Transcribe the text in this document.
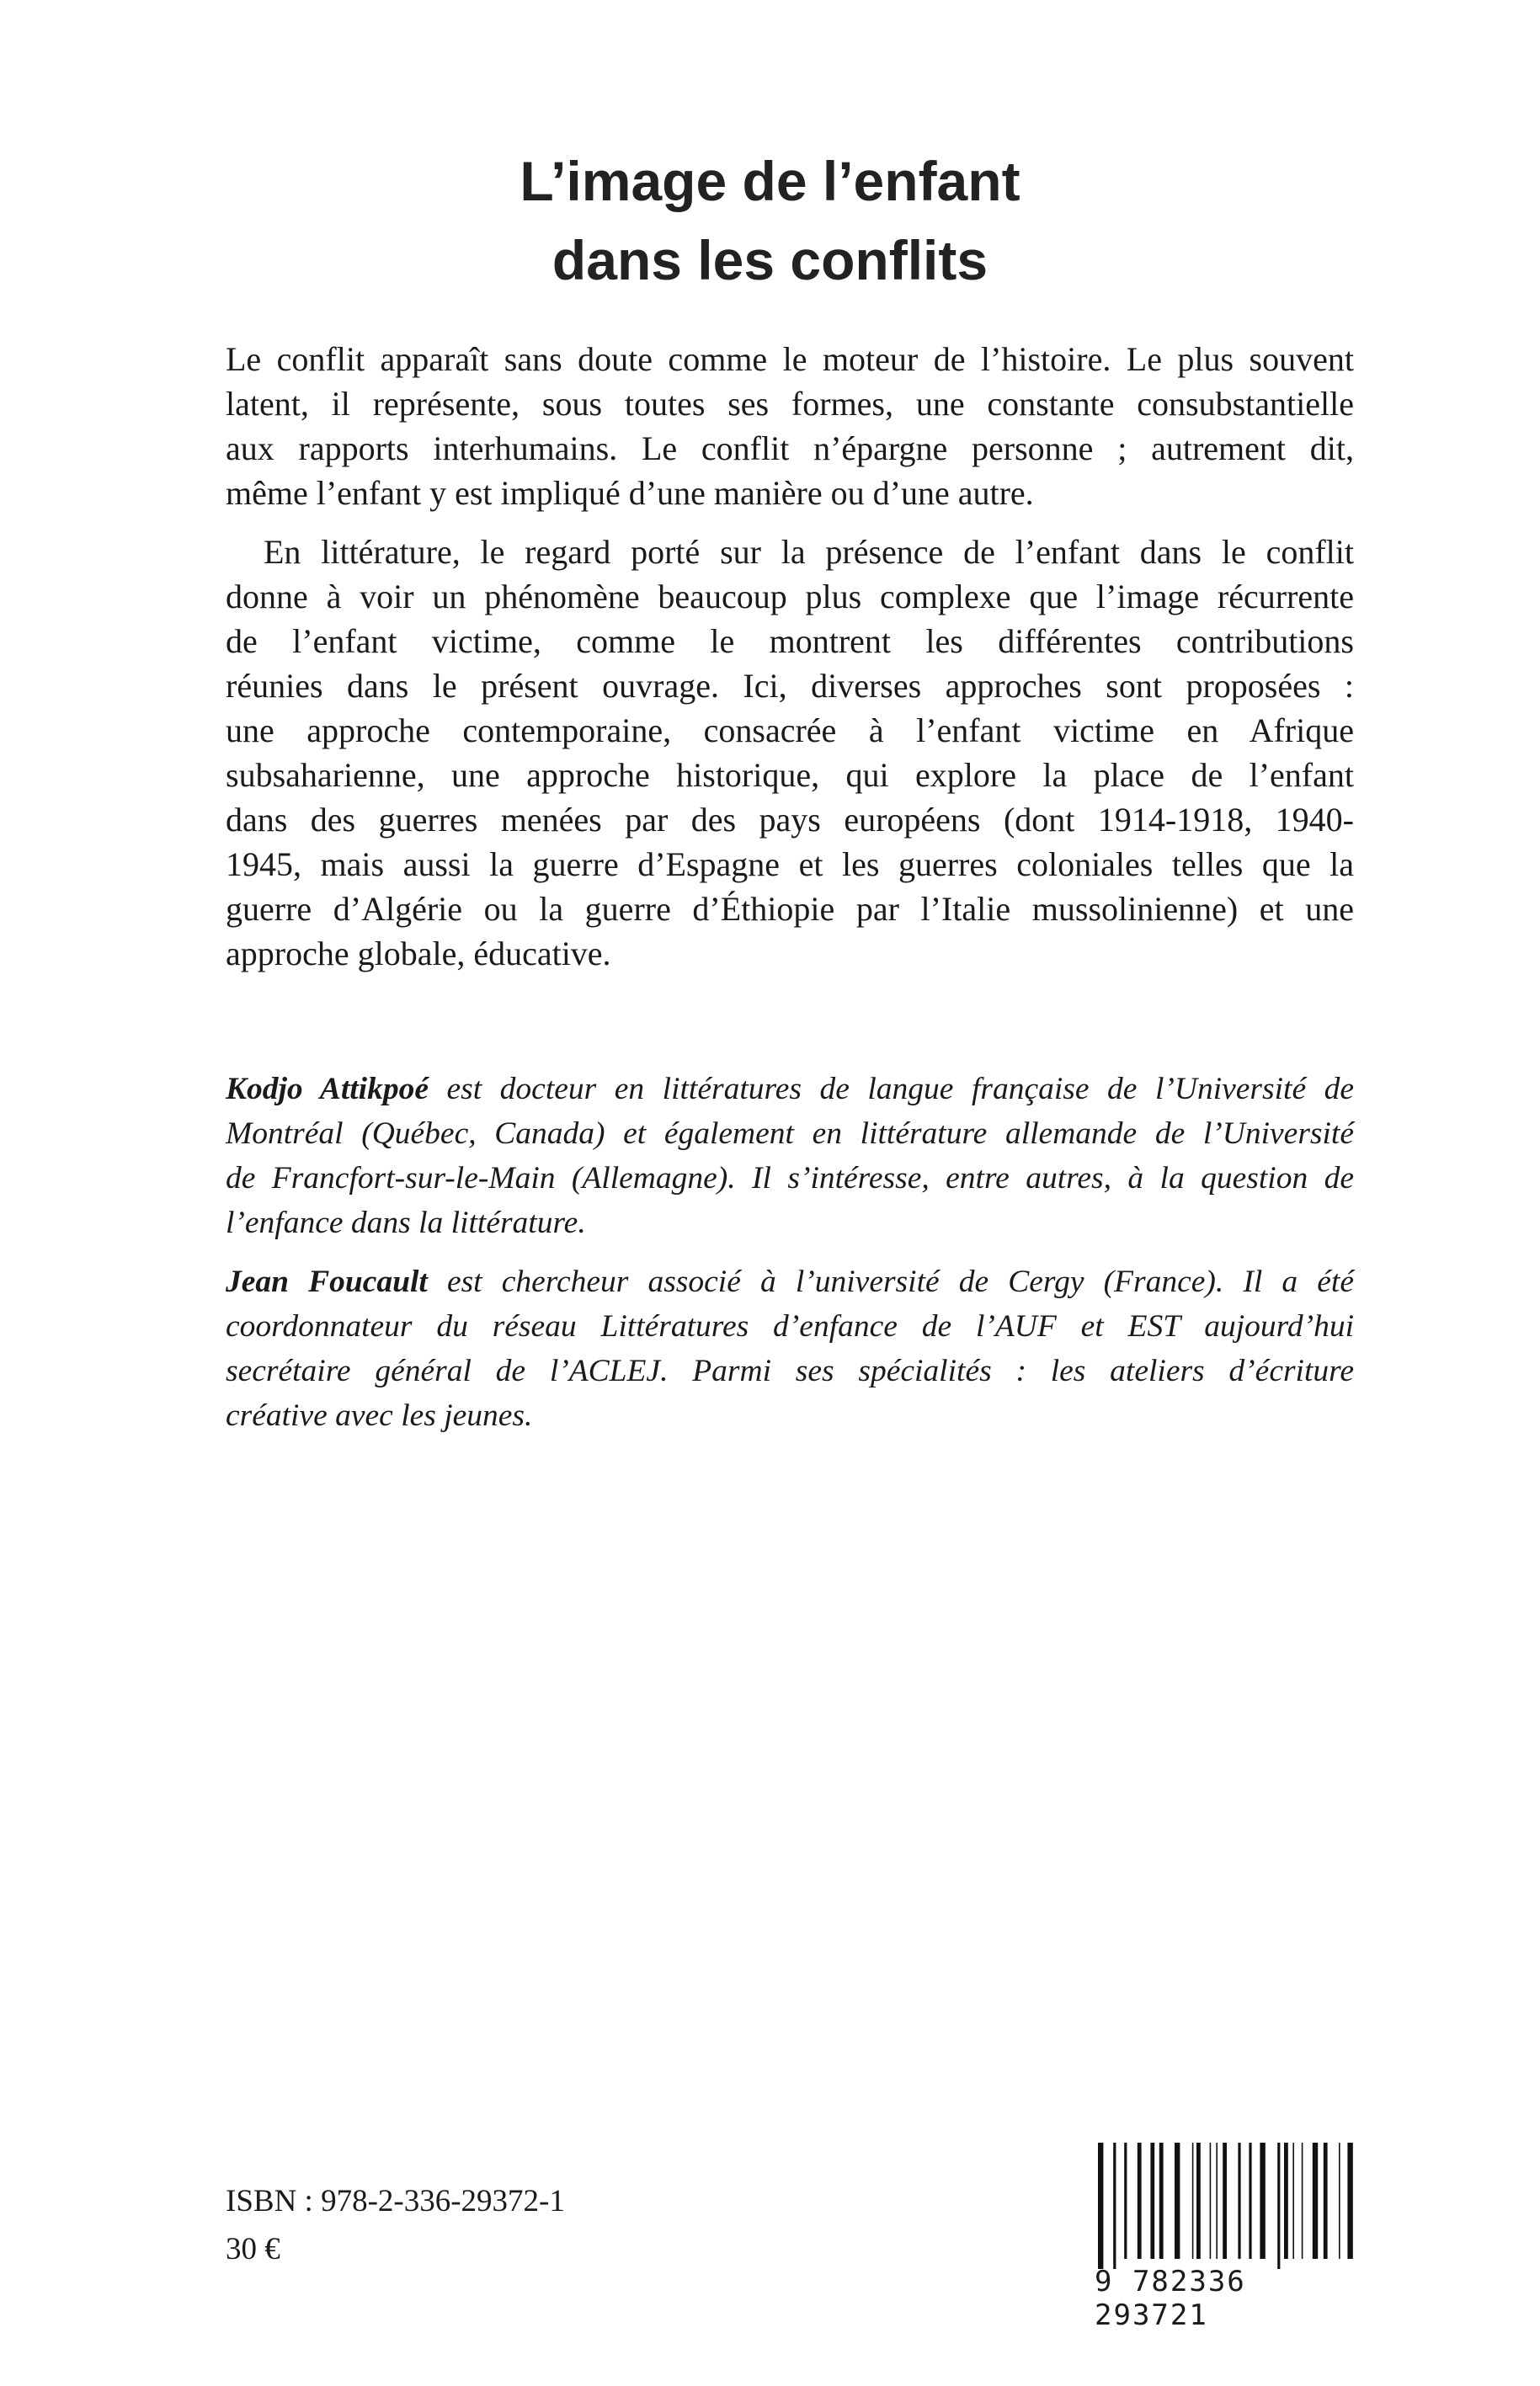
L’image de l’enfant
dans les conflits
Le conflit apparaît sans doute comme le moteur de l’histoire. Le plus souvent
latent, il représente, sous toutes ses formes, une constante consubstantielle
aux rapports interhumains. Le conflit n’épargne personne ; autrement dit,
même l’enfant y est impliqué d’une manière ou d’une autre.
En littérature, le regard porté sur la présence de l’enfant dans le conflit
donne à voir un phénomène beaucoup plus complexe que l’image récurrente
de l’enfant victime, comme le montrent les différentes contributions
réunies dans le présent ouvrage. Ici, diverses approches sont proposées :
une approche contemporaine, consacrée à l’enfant victime en Afrique
subsaharienne, une approche historique, qui explore la place de l’enfant
dans des guerres menées par des pays européens (dont 1914-1918, 1940-
1945, mais aussi la guerre d’Espagne et les guerres coloniales telles que la
guerre d’Algérie ou la guerre d’Éthiopie par l’Italie mussolinienne) et une
approche globale, éducative.
Kodjo Attikpoé est docteur en littératures de langue française de l’Université de
Montréal (Québec, Canada) et également en littérature allemande de l’Université
de Francfort-sur-le-Main (Allemagne). Il s’intéresse, entre autres, à la question de
l’enfance dans la littérature.
Jean Foucault est chercheur associé à l’université de Cergy (France). Il a été
coordonnateur du réseau Littératures d’enfance de l’AUF et EST aujourd’hui
secrétaire général de l’ACLEJ. Parmi ses spécialités : les ateliers d’écriture
créative avec les jeunes.
ISBN : 978-2-336-29372-1
30 €
9 782336 293721
